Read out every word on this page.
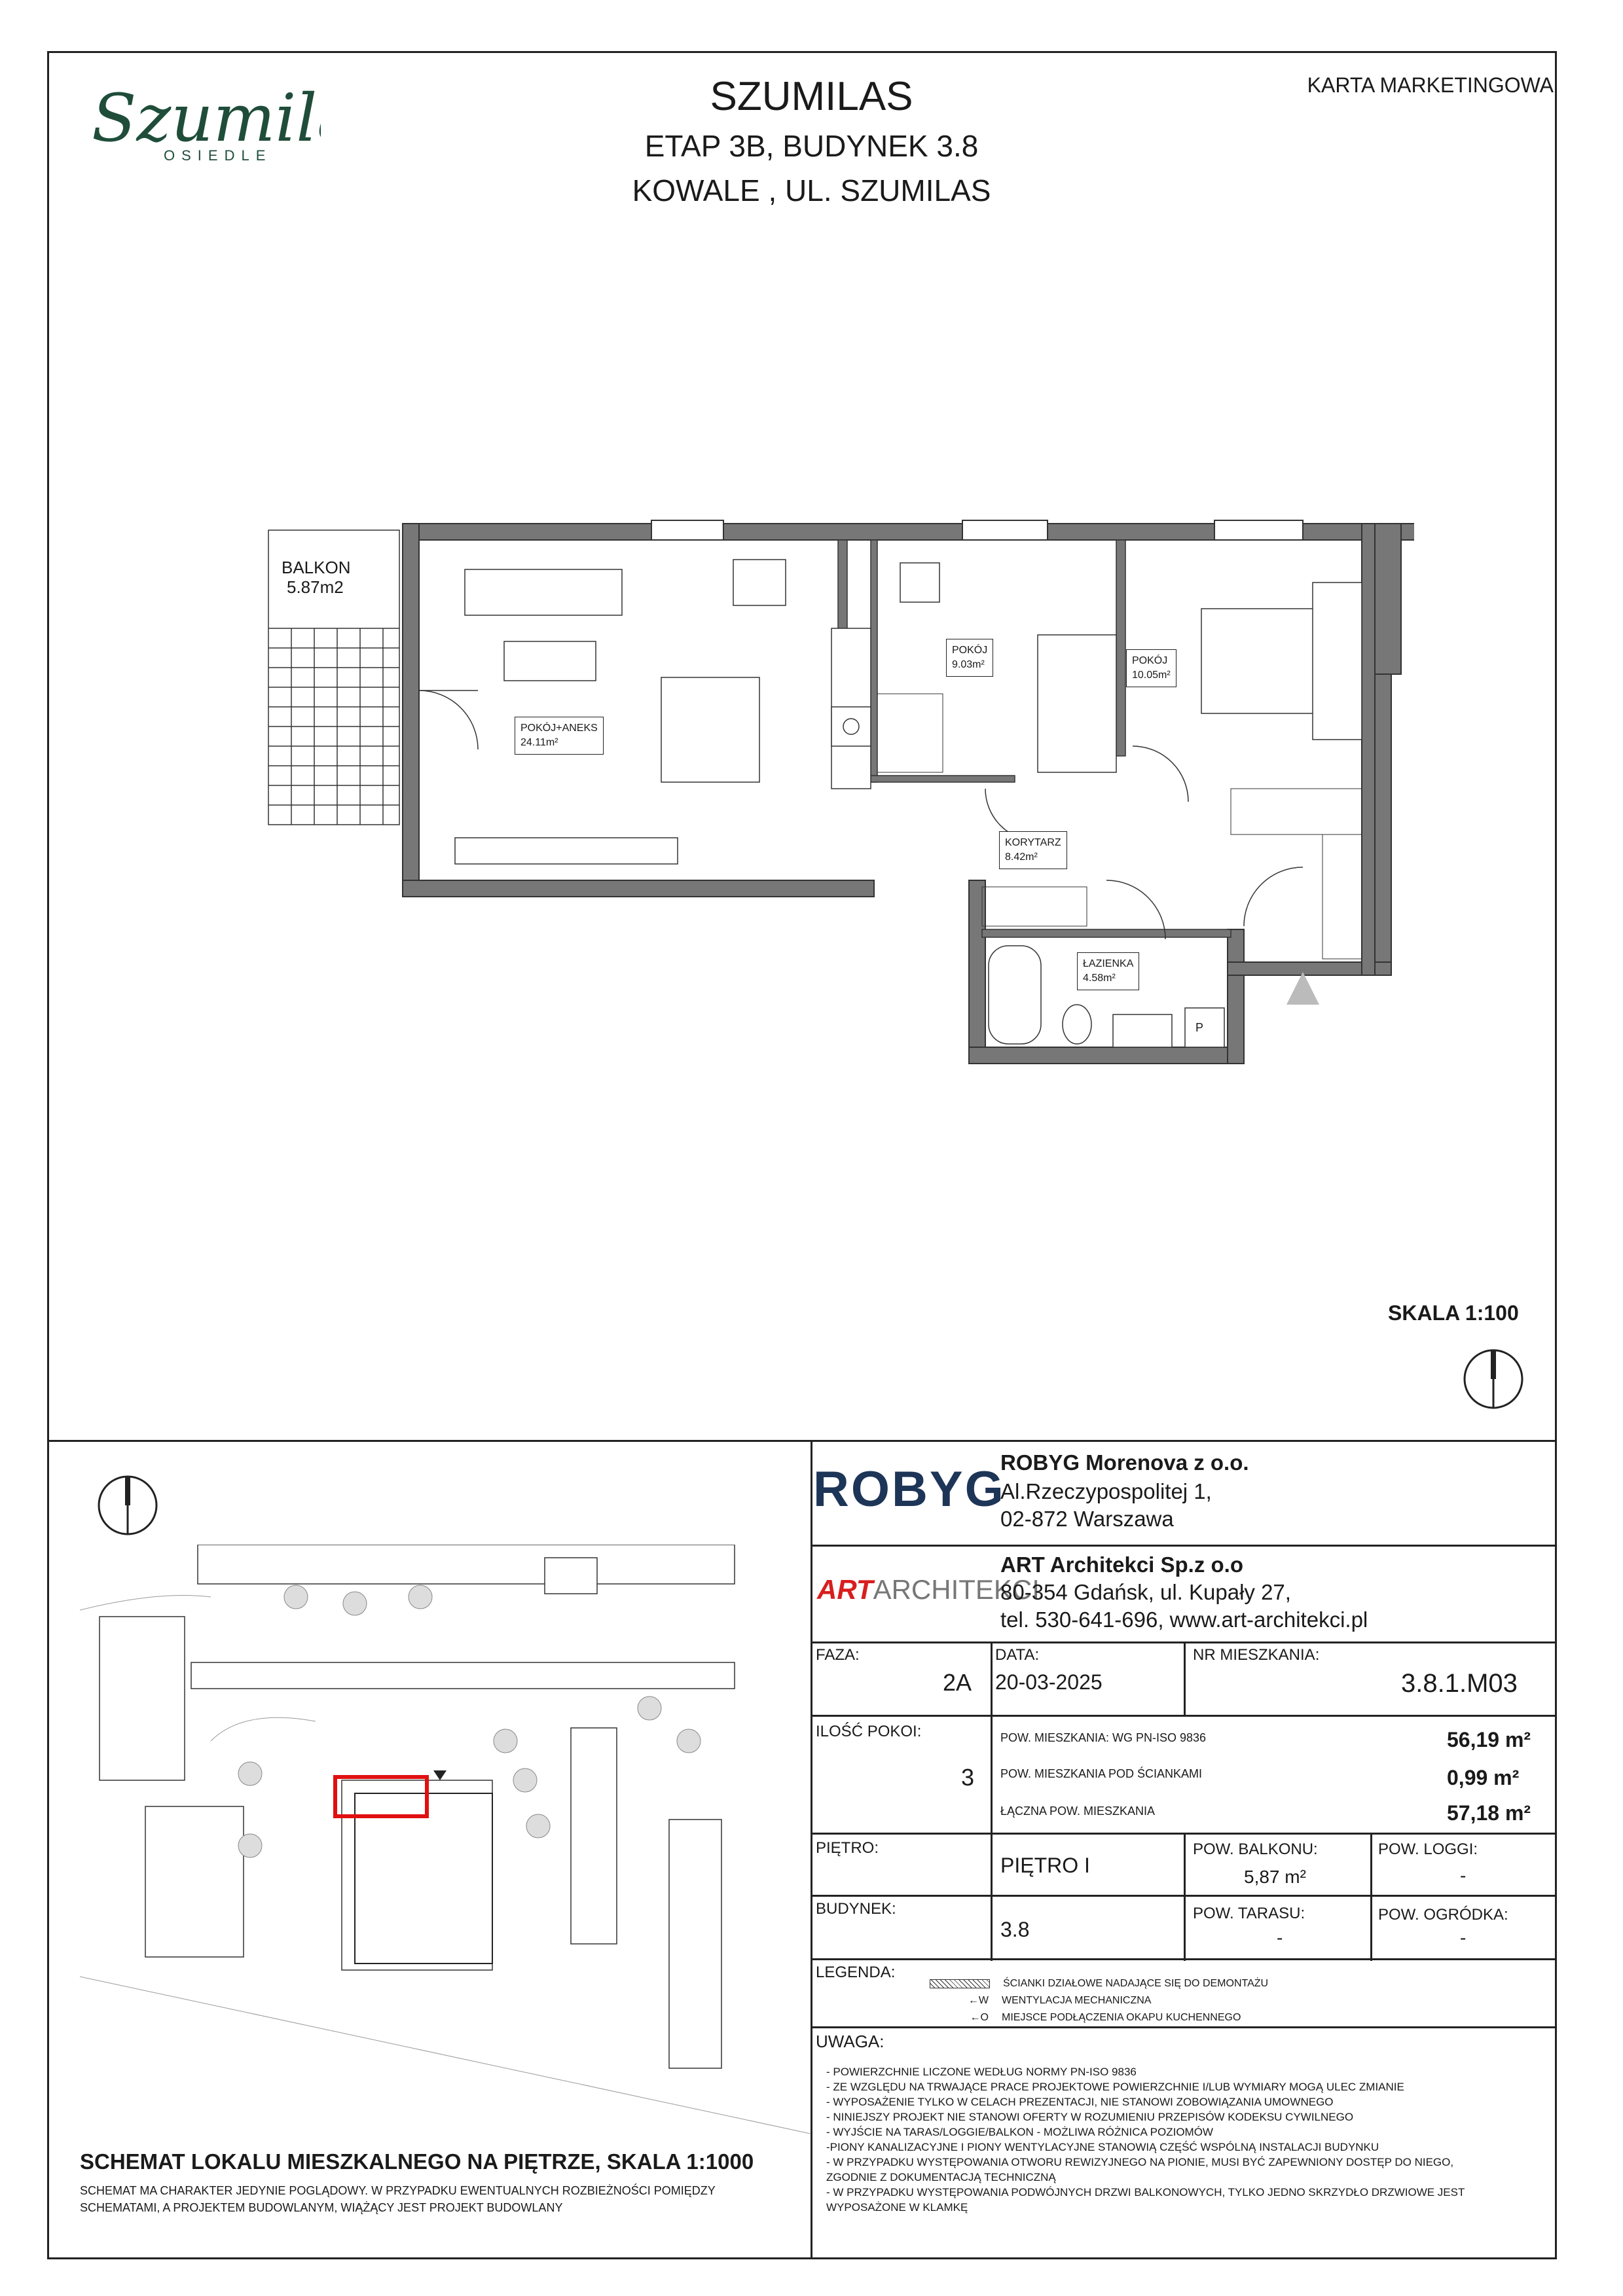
Szumil
OSIEDLE
SZUMILAS
ETAP 3B, BUDYNEK 3.8
KOWALE , UL. SZUMILAS
KARTA MARKETINGOWA
BALKON
5.87m2
POKÓJ+ANEKS
24.11m²
POKÓJ
9.03m²	POKÓJ
10.05m²
KORYTARZ
8.42m²
ŁAZIENKA
4.58m²
P
SKALA 1:100
SCHEMAT LOKALU MIESZKALNEGO NA PIĘTRZE, SKALA 1:1000
SCHEMAT MA CHARAKTER JEDYNIE POGLĄDOWY. W PRZYPADKU EWENTUALNYCH ROZBIEŻNOŚCI POMIĘDZY
SCHEMATAMI, A PROJEKTEM BUDOWLANYM, WIĄŻĄCY JEST PROJEKT BUDOWLANY
ROBYG
ROBYG Morenova z o.o.
Al.Rzeczypospolitej 1,
02-872 Warszawa
ARTARCHITEKCI
ART Architekci Sp.z o.o
80-354 Gdańsk, ul. Kupały 27,
tel. 530-641-696, www.art-architekci.pl
FAZA:
2A
DATA:
20-03-2025
NR MIESZKANIA:
3.8.1.M03
ILOŚĆ POKOI:
3
POW. MIESZKANIA: WG PN-ISO 9836	56,19 m²
POW. MIESZKANIA POD ŚCIANKAMI	0,99 m²
ŁĄCZNA POW. MIESZKANIA	57,18 m²
PIĘTRO:
PIĘTRO I
POW. BALKONU:
5,87 m²
POW. LOGGI:
-
BUDYNEK:
3.8
POW. TARASU:
-
POW. OGRÓDKA:
-
LEGENDA:
ŚCIANKI DZIAŁOWE NADAJĄCE SIĘ DO DEMONTAŻU
←W WENTYLACJA MECHANICZNA
←O MIEJSCE PODŁĄCZENIA OKAPU KUCHENNEGO
UWAGA:
- POWIERZCHNIE LICZONE WEDŁUG NORMY PN-ISO 9836
- ZE WZGLĘDU NA TRWAJĄCE PRACE PROJEKTOWE POWIERZCHNIE I/LUB WYMIARY MOGĄ ULEC ZMIANIE
- WYPOSAŻENIE TYLKO W CELACH PREZENTACJI, NIE STANOWI ZOBOWIĄZANIA UMOWNEGO
- NINIEJSZY PROJEKT NIE STANOWI OFERTY W ROZUMIENIU PRZEPISÓW KODEKSU CYWILNEGO
- WYJŚCIE NA TARAS/LOGGIE/BALKON - MOŻLIWA RÓŻNICA POZIOMÓW
-PIONY KANALIZACYJNE I PIONY WENTYLACYJNE STANOWIĄ CZĘŚĆ WSPÓLNĄ INSTALACJI BUDYNKU
- W PRZYPADKU WYSTĘPOWANIA OTWORU REWIZYJNEGO NA PIONIE, MUSI BYĆ ZAPEWNIONY DOSTĘP DO NIEGO,
ZGODNIE Z DOKUMENTACJĄ TECHNICZNĄ
- W PRZYPADKU WYSTĘPOWANIA PODWÓJNYCH DRZWI BALKONOWYCH, TYLKO JEDNO SKRZYDŁO DRZWIOWE JEST
WYPOSAŻONE W KLAMKĘ
